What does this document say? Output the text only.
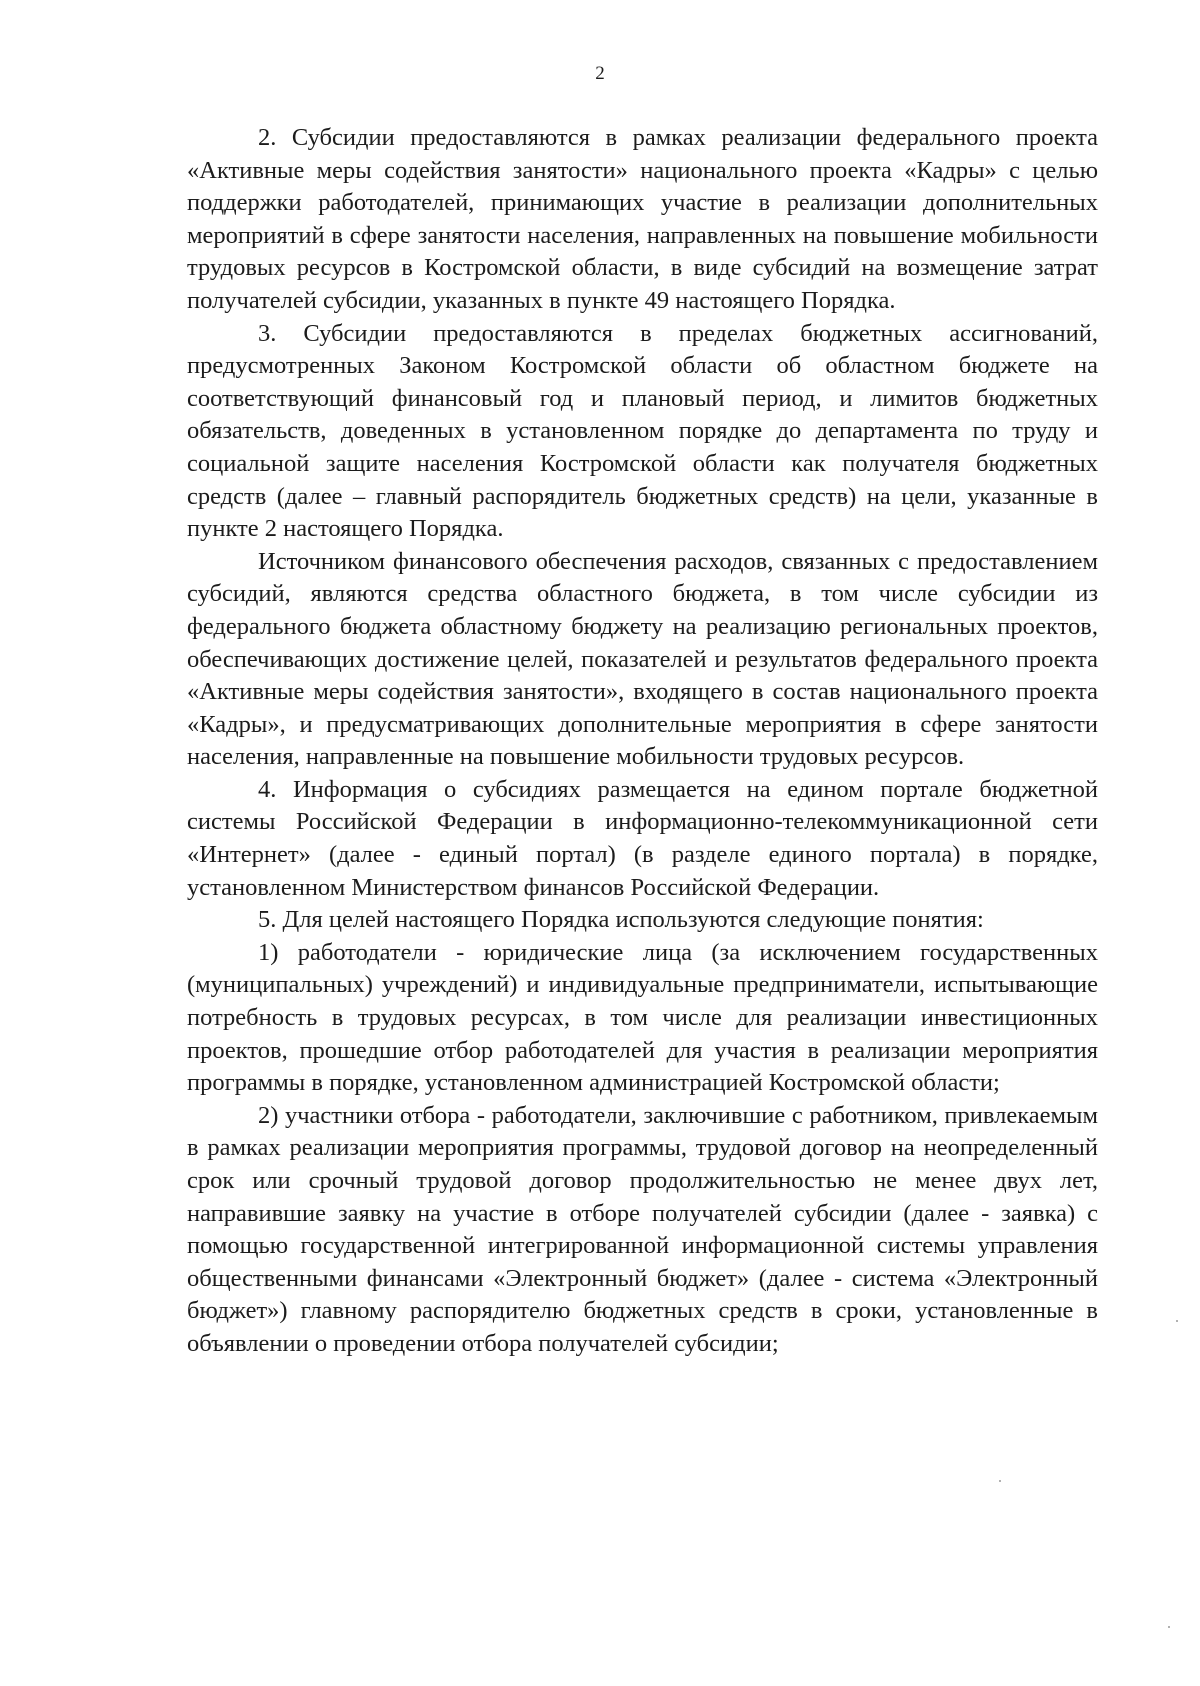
2

2. Субсидии предоставляются в рамках реализации федерального проекта «Активные меры содействия занятости» национального проекта «Кадры» с целью поддержки работодателей, принимающих участие в реализации дополнительных мероприятий в сфере занятости населения, направленных на повышение мобильности трудовых ресурсов в Костромской области, в виде субсидий на возмещение затрат получателей субсидии, указанных в пункте 49 настоящего Порядка.

3. Субсидии предоставляются в пределах бюджетных ассигнований, предусмотренных Законом Костромской области об областном бюджете на соответствующий финансовый год и плановый период, и лимитов бюджетных обязательств, доведенных в установленном порядке до департамента по труду и социальной защите населения Костромской области как получателя бюджетных средств (далее – главный распорядитель бюджетных средств) на цели, указанные в пункте 2 настоящего Порядка.

Источником финансового обеспечения расходов, связанных с предоставлением субсидий, являются средства областного бюджета, в том числе субсидии из федерального бюджета областному бюджету на реализацию региональных проектов, обеспечивающих достижение целей, показателей и результатов федерального проекта «Активные меры содействия занятости», входящего в состав национального проекта «Кадры», и предусматривающих дополнительные мероприятия в сфере занятости населения, направленные на повышение мобильности трудовых ресурсов.

4. Информация о субсидиях размещается на едином портале бюджетной системы Российской Федерации в информационно-телекоммуникационной сети «Интернет» (далее - единый портал) (в разделе единого портала) в порядке, установленном Министерством финансов Российской Федерации.

5. Для целей настоящего Порядка используются следующие понятия:

1) работодатели - юридические лица (за исключением государственных (муниципальных) учреждений) и индивидуальные предприниматели, испытывающие потребность в трудовых ресурсах, в том числе для реализации инвестиционных проектов, прошедшие отбор работодателей для участия в реализации мероприятия программы в порядке, установленном администрацией Костромской области;

2) участники отбора - работодатели, заключившие с работником, привлекаемым в рамках реализации мероприятия программы, трудовой договор на неопределенный срок или срочный трудовой договор продолжительностью не менее двух лет, направившие заявку на участие в отборе получателей субсидии (далее - заявка) с помощью государственной интегрированной информационной системы управления общественными финансами «Электронный бюджет» (далее - система «Электронный бюджет») главному распорядителю бюджетных средств в сроки, установленные в объявлении о проведении отбора получателей субсидии;
